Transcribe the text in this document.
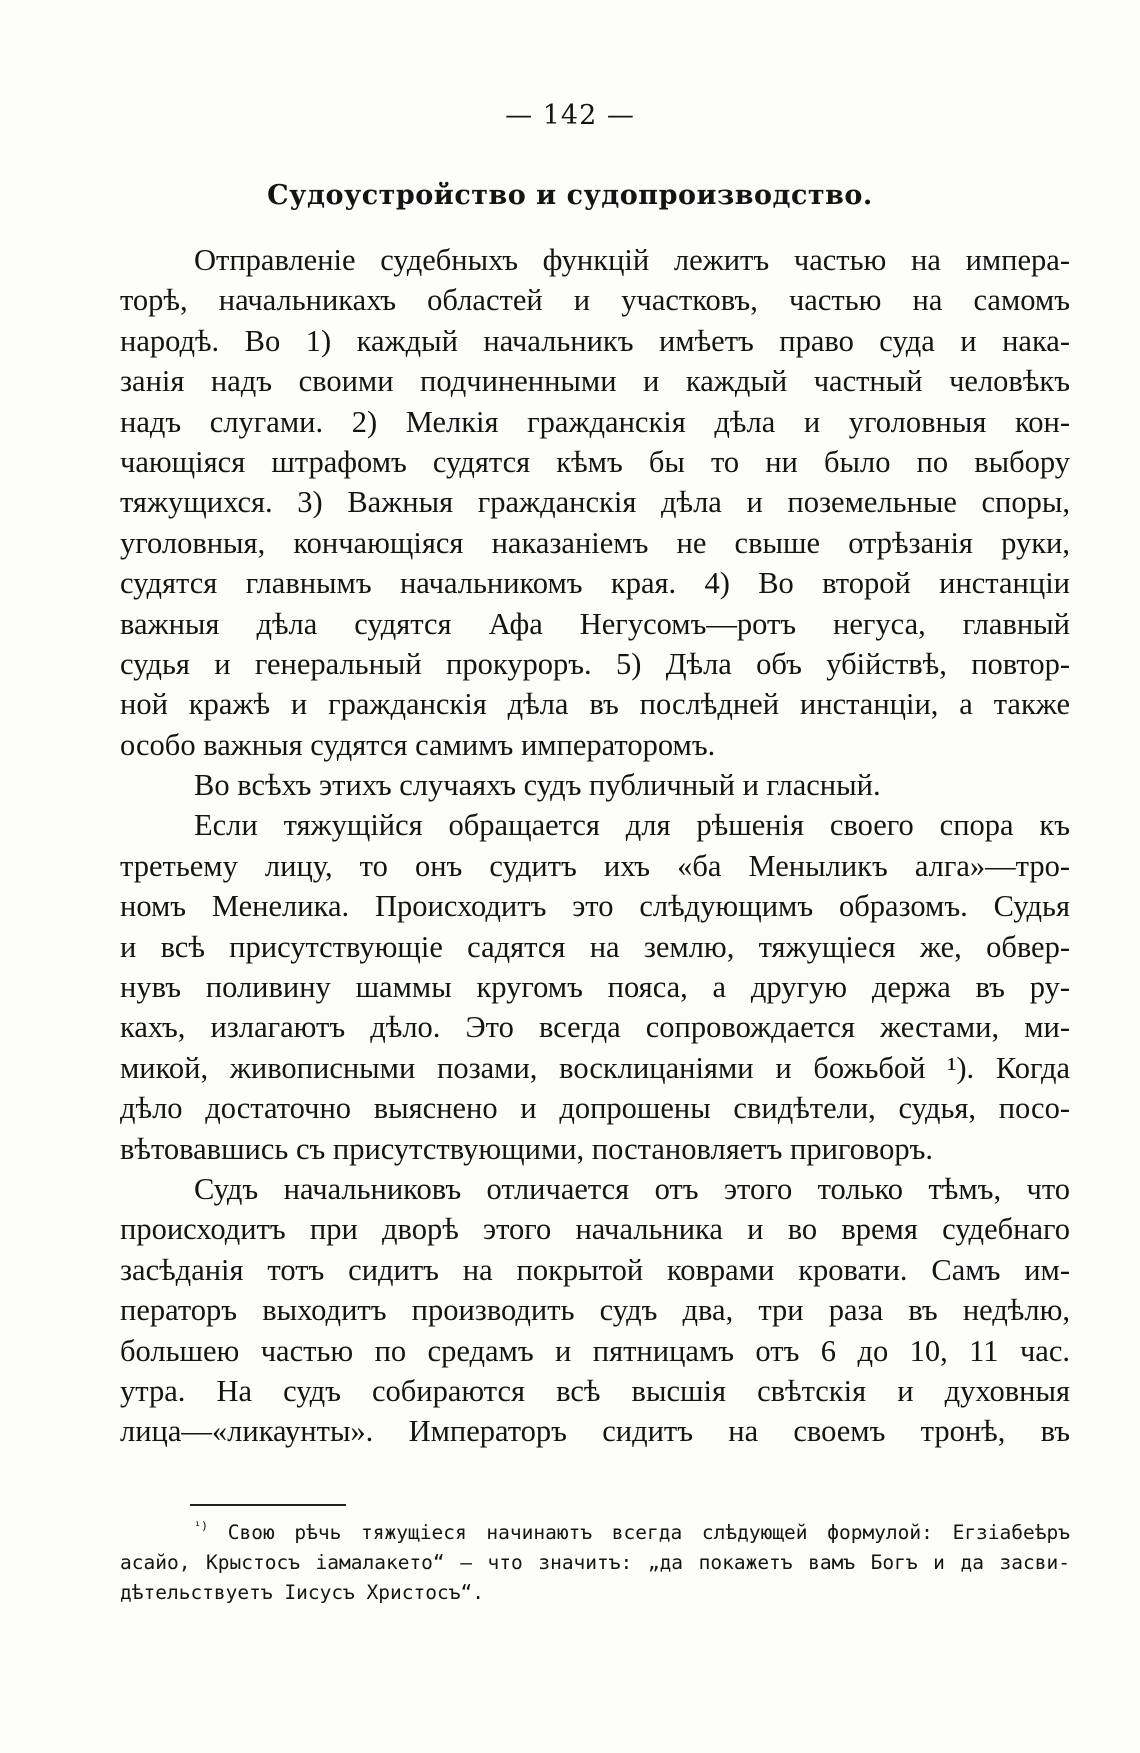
— 142 —
Судоустройство и судопроизводство.
Отправленіе судебныхъ функцій лежитъ частью на импера-
торѣ, начальникахъ областей и участковъ, частью на самомъ
народѣ. Во 1) каждый начальникъ имѣетъ право суда и нака-
занія надъ своими подчиненными и каждый частный человѣкъ
надъ слугами. 2) Мелкія гражданскія дѣла и уголовныя кон-
чающіяся штрафомъ судятся кѣмъ бы то ни было по выбору
тяжущихся. 3) Важныя гражданскія дѣла и поземельные споры,
уголовныя, кончающіяся наказаніемъ не свыше отрѣзанія руки,
судятся главнымъ начальникомъ края. 4) Во второй инстанціи
важныя дѣла судятся Афа Негусомъ—ротъ негуса, главный
судья и генеральный прокуроръ. 5) Дѣла объ убійствѣ, повтор-
ной кражѣ и гражданскія дѣла въ послѣдней инстанціи, а также
особо важныя судятся самимъ императоромъ.
Во всѣхъ этихъ случаяхъ судъ публичный и гласный.
Если тяжущійся обращается для рѣшенія своего спора къ
третьему лицу, то онъ судитъ ихъ «ба Меныликъ алга»—тро-
номъ Менелика. Происходитъ это слѣдующимъ образомъ. Судья
и всѣ присутствующіе садятся на землю, тяжущіеся же, обвер-
нувъ поливину шаммы кругомъ пояса, а другую держа въ ру-
кахъ, излагаютъ дѣло. Это всегда сопровождается жестами, ми-
микой, живописными позами, восклицаніями и божьбой ¹). Когда
дѣло достаточно выяснено и допрошены свидѣтели, судья, посо-
вѣтовавшись съ присутствующими, постановляетъ приговоръ.
Судъ начальниковъ отличается отъ этого только тѣмъ, что
происходитъ при дворѣ этого начальника и во время судебнаго
засѣданія тотъ сидитъ на покрытой коврами кровати. Самъ им-
ператоръ выходитъ производить судъ два, три раза въ недѣлю,
большею частью по средамъ и пятницамъ отъ 6 до 10, 11 час.
утра. На судъ собираются всѣ высшія свѣтскія и духовныя
лица—«ликаунты». Императоръ сидитъ на своемъ тронѣ, въ
$^{^1)}$ Свою рѣчь тяжущіеся начинаютъ всегда слѣдующей формулой: Егзіабеѣръ
асайо, Крыстосъ іамалакето“ — что значитъ: „да покажетъ вамъ Богъ и да засви-
дѣтельствуетъ Іисусъ Христосъ“.
